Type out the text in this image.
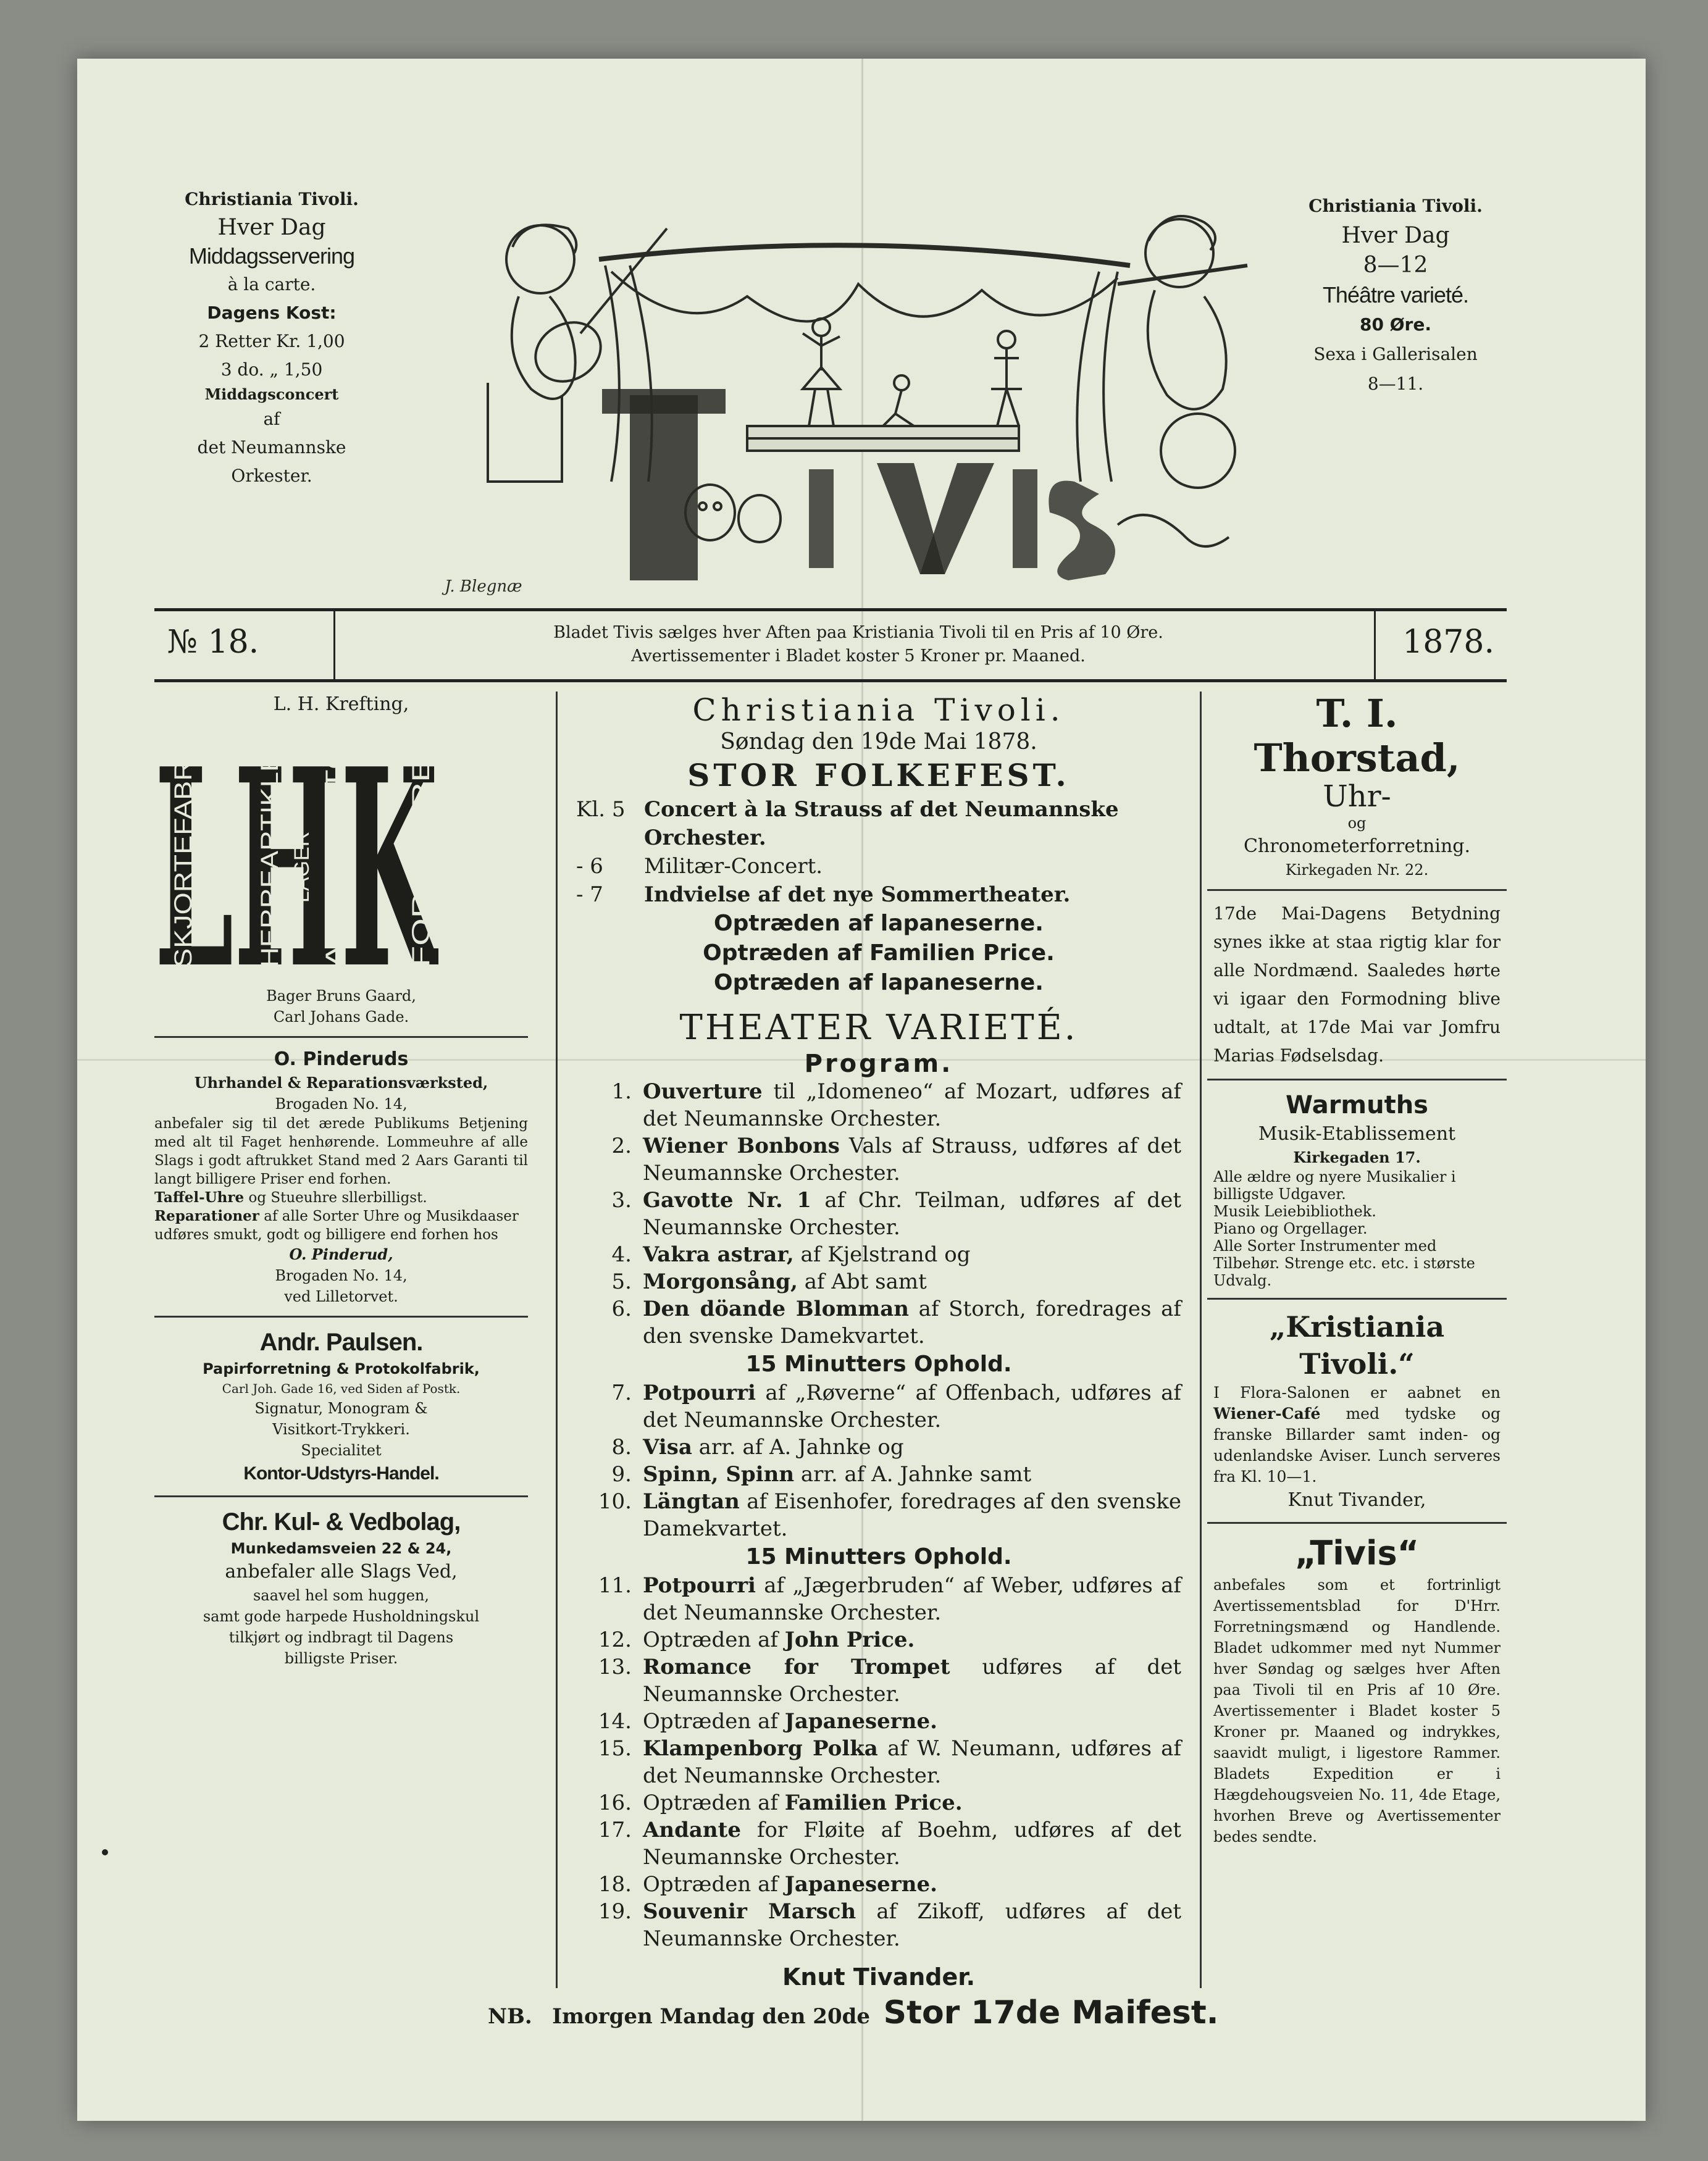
Christiania Tivoli.
Hver Dag
Middagsservering
à la carte.
Dagens Kost:
2 Retter Kr. 1,00
3 do. „ 1,50
Middagsconcert
af
det Neumannske
Orkester.
J. Blegnæ
Christiania Tivoli.
Hver Dag
8—12
Théâtre varieté.
80 Øre.
Sexa i Gallerisalen
8—11.
№ 18.	Bladet Tivis sælges hver Aften paa Kristiania Tivoli til en Pris af 10 Øre.
Avertissementer i Bladet koster 5 Kroner pr. Maaned.	1878.
L. H. Krefting,
LHK
SKJORTEFABRIK HERREARTIKLER LAGER AF UNDERTØI FOR HERRER
Bager Bruns Gaard,
Carl Johans Gade.
O. Pinderuds
Uhrhandel & Reparationsværksted,
Brogaden No. 14,
anbefaler sig til det ærede Publikums Betjening med alt til Faget henhørende. Lommeuhre af alle Slags i godt aftrukket Stand med 2 Aars Garanti til langt billigere Priser end forhen.
Taffel-Uhre og Stueuhre sllerbilligst.
Reparationer af alle Sorter Uhre og Musikdaaser udføres smukt, godt og billigere end forhen hos
O. Pinderud,
Brogaden No. 14,
ved Lilletorvet.
Andr. Paulsen.
Papirforretning & Protokolfabrik,
Carl Joh. Gade 16, ved Siden af Postk.
Signatur, Monogram &
Visitkort-Trykkeri.
Specialitet
Kontor-Udstyrs-Handel.
Chr. Kul- & Vedbolag,
Munkedamsveien 22 & 24,
anbefaler alle Slags Ved,
saavel hel som huggen,
samt gode harpede Husholdningskul
tilkjørt og indbragt til Dagens
billigste Priser.
Christiania Tivoli.
Søndag den 19de Mai 1878.
STOR FOLKEFEST.
Kl. 5 Concert à la Strauss af det Neumannske Orchester.
- 6	Militær-Concert.
- 7	Indvielse af det nye Sommertheater.
Optræden af lapaneserne.
Optræden af Familien Price.
Optræden af lapaneserne.
THEATER VARIETÉ.
Program.
1. Ouverture til „Idomeneo“ af Mozart, udføres af det Neumannske Orchester.
2. Wiener Bonbons Vals af Strauss, udføres af det Neumannske Orchester.
3. Gavotte Nr. 1 af Chr. Teilman, udføres af det Neumannske Orchester.
4. Vakra astrar, af Kjelstrand og
5. Morgonsång, af Abt samt
6. Den döande Blomman af Storch, foredrages af den svenske Damekvartet.
15 Minutters Ophold.
7. Potpourri af „Røverne“ af Offenbach, udføres af det Neumannske Orchester.
8. Visa arr. af A. Jahnke og
9. Spinn, Spinn arr. af A. Jahnke samt
10. Längtan af Eisenhofer, foredrages af den svenske Damekvartet.
15 Minutters Ophold.
11. Potpourri af „Jægerbruden“ af Weber, udføres af det Neumannske Orchester.
12. Optræden af John Price.
13. Romance for Trompet udføres af det Neumannske Orchester.
14. Optræden af Japaneserne.
15. Klampenborg Polka af W. Neumann, udføres af det Neumannske Orchester.
16. Optræden af Familien Price.
17. Andante for Fløite af Boehm, udføres af det Neumannske Orchester.
18. Optræden af Japaneserne.
19. Souvenir Marsch af Zikoff, udføres af det Neumannske Orchester.
Knut Tivander.
NB. Imorgen Mandag den 20de Stor 17de Maifest.
T. I. Thorstad,
Uhr-
og
Chronometerforretning.
Kirkegaden Nr. 22.
17de Mai-Dagens Betydning synes ikke at staa rigtig klar for alle Nordmænd. Saaledes hørte vi igaar den Formodning blive udtalt, at 17de Mai var Jomfru Marias Fødselsdag.
Warmuths
Musik-Etablissement
Kirkegaden 17.
Alle ældre og nyere Musikalier i billigste Udgaver.
Musik Leiebibliothek.
Piano og Orgellager.
Alle Sorter Instrumenter med Tilbehør. Strenge etc. etc. i største Udvalg.
„Kristiania Tivoli.“
I Flora-Salonen er aabnet en Wiener-Café med tydske og franske Billarder samt inden- og udenlandske Aviser. Lunch serveres fra Kl. 10—1.
Knut Tivander,
„Tivis“
anbefales som et fortrinligt Avertissementsblad for D'Hrr. Forretningsmænd og Handlende. Bladet udkommer med nyt Nummer hver Søndag og sælges hver Aften paa Tivoli til en Pris af 10 Øre. Avertissementer i Bladet koster 5 Kroner pr. Maaned og indrykkes, saavidt muligt, i ligestore Rammer. Bladets Expedition er i Hægdehougsveien No. 11, 4de Etage, hvorhen Breve og Avertissementer bedes sendte.
